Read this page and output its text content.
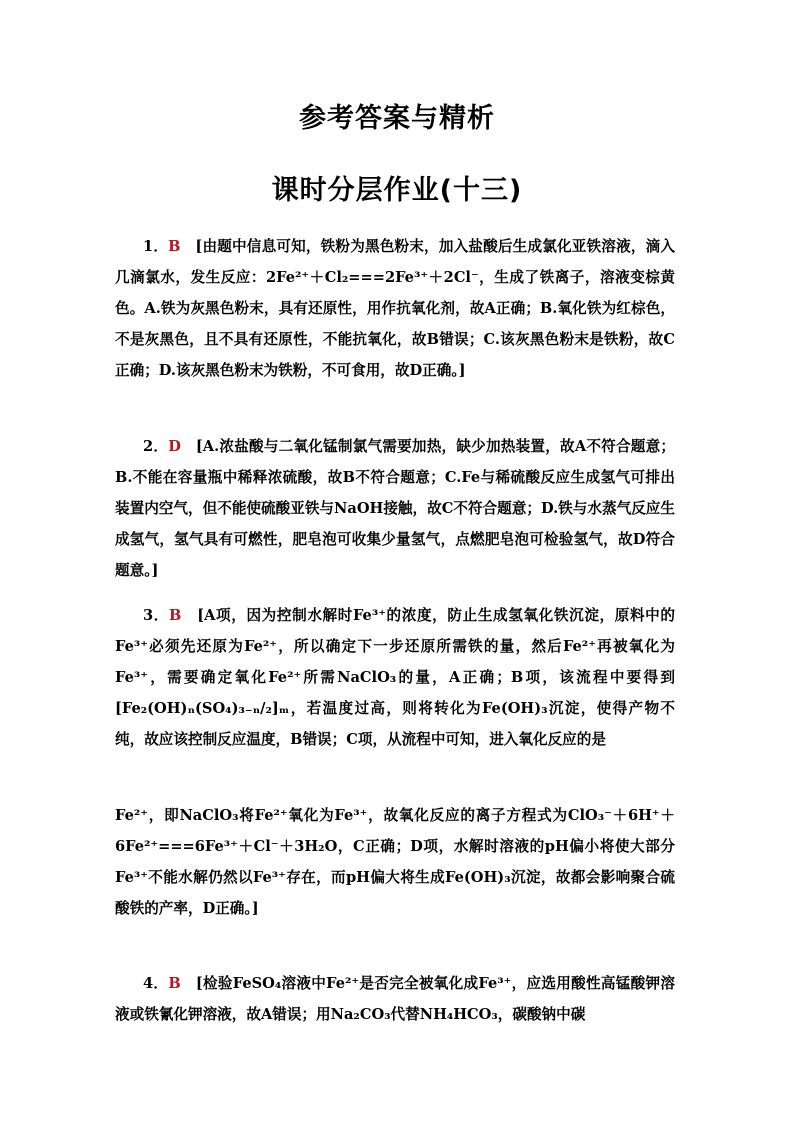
参考答案与精析
课时分层作业(十三)
1．B　 [由题中信息可知，铁粉为黑色粉末，加入盐酸后生成氯化亚铁溶液，滴入几滴氯水，发生反应：2Fe²⁺＋Cl₂===2Fe³⁺＋2Cl⁻，生成了铁离子，溶液变棕黄色。A.铁为灰黑色粉末，具有还原性，用作抗氧化剂，故A正确；B.氧化铁为红棕色，不是灰黑色，且不具有还原性，不能抗氧化，故B错误；C.该灰黑色粉末是铁粉，故C正确；D.该灰黑色粉末为铁粉，不可食用，故D正确。]
2．D　 [A.浓盐酸与二氧化锰制氯气需要加热，缺少加热装置，故A不符合题意；B.不能在容量瓶中稀释浓硫酸，故B不符合题意；C.Fe与稀硫酸反应生成氢气可排出装置内空气，但不能使硫酸亚铁与NaOH接触，故C不符合题意；D.铁与水蒸气反应生成氢气，氢气具有可燃性，肥皂泡可收集少量氢气，点燃肥皂泡可检验氢气，故D符合题意。]
3．B　 [A项，因为控制水解时Fe³⁺的浓度，防止生成氢氧化铁沉淀，原料中的Fe³⁺必须先还原为Fe²⁺，所以确定下一步还原所需铁的量，然后Fe²⁺再被氧化为Fe³⁺，需要确定氧化Fe²⁺所需NaClO₃的量，A正确；B项，该流程中要得到[Fe₂(OH)ₙ(SO₄)₃₋ₙ/₂]ₘ，若温度过高，则将转化为Fe(OH)₃沉淀，使得产物不纯，故应该控制反应温度，B错误；C项，从流程中可知，进入氧化反应的是
Fe²⁺，即NaClO₃将Fe²⁺氧化为Fe³⁺，故氧化反应的离子方程式为ClO₃⁻＋6H⁺＋6Fe²⁺===6Fe³⁺＋Cl⁻＋3H₂O，C正确；D项，水解时溶液的pH偏小将使大部分Fe³⁺不能水解仍然以Fe³⁺存在，而pH偏大将生成Fe(OH)₃沉淀，故都会影响聚合硫酸铁的产率，D正确。]
4．B　 [检验FeSO₄溶液中Fe²⁺是否完全被氧化成Fe³⁺，应选用酸性高锰酸钾溶液或铁氰化钾溶液，故A错误；用Na₂CO₃代替NH₄HCO₃，碳酸钠中碳
